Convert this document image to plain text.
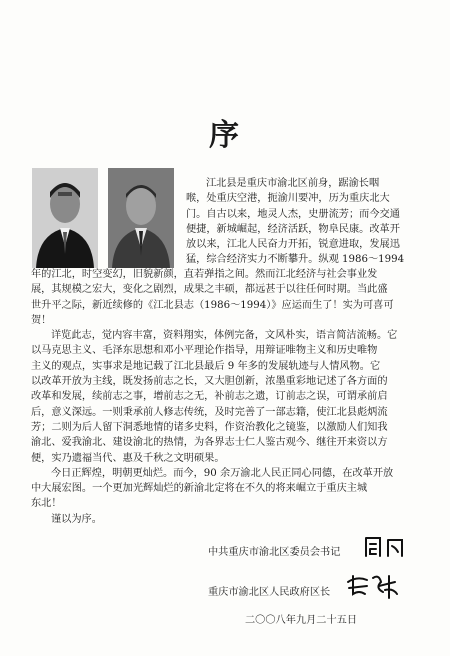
序
江北县是重庆市渝北区前身，踞渝长咽
喉，处重庆空港，扼渝川要冲，历为重庆北大
门。自古以来，地灵人杰，史册流芳；而今交通
便捷，新城崛起，经济活跃，物阜民康。改革开
放以来，江北人民奋力开拓，锐意进取，发展迅
猛，综合经济实力不断攀升。纵观 1986～1994
年的江北，时空变幻，旧貌新颜，直若弹指之间。然而江北经济与社会事业发
展，其规模之宏大，变化之剧烈，成果之丰硕，都远甚于以往任何时期。当此盛
世升平之际，新近续修的《江北县志（1986～1994）》应运而生了！实为可喜可
贺！
详览此志，觉内容丰富，资料翔实，体例完备，文风朴实，语言简洁流畅。它
以马克思主义、毛泽东思想和邓小平理论作指导，用辩证唯物主义和历史唯物
主义的观点，实事求是地记载了江北县最后 9 年多的发展轨迹与人情风物。它
以改革开放为主线，既发扬前志之长，又大胆创新，浓墨重彩地记述了各方面的
改革和发展，续前志之事，增前志之无，补前志之遗，订前志之误，可谓承前启
后，意义深远。一则秉承前人修志传统，及时完善了一部志籍，使江北县彪炳流
芳；二则为后人留下洞悉地情的诸多史料，作资治教化之镜鉴，以激励人们知我
渝北、爱我渝北、建设渝北的热情，为各界志士仁人鉴古观今、继往开来资以方
便，实乃遗福当代、惠及千秋之文明硕果。
今日正辉煌，明朝更灿烂。而今，90 余万渝北人民正同心同德，在改革开放
中大展宏图。一个更加光辉灿烂的新渝北定将在不久的将来崛立于重庆主城
东北！
谨以为序。
中共重庆市渝北区委员会书记
重庆市渝北区人民政府区长
二〇〇八年九月二十五日
